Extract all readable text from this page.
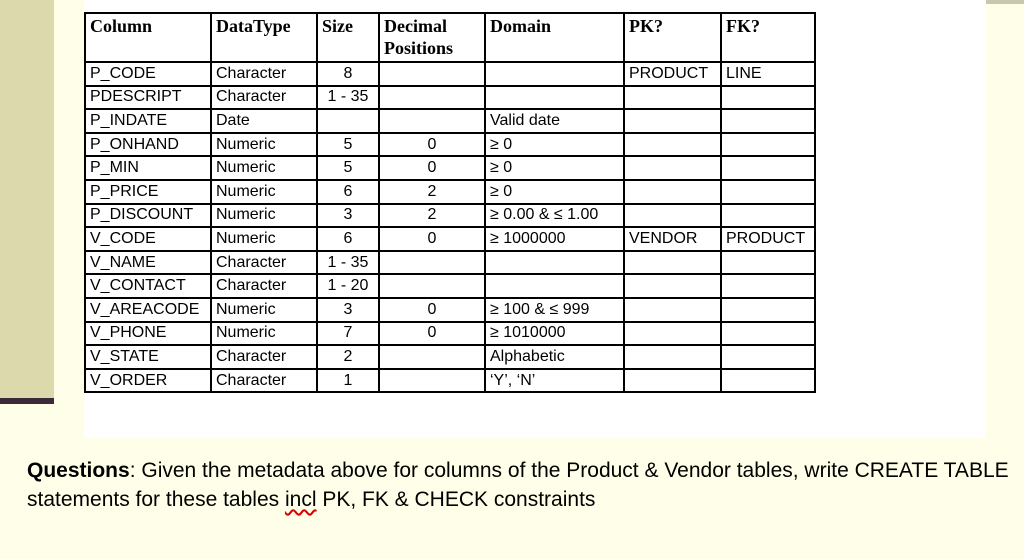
Column	DataType	Size	Decimal Positions	Domain	PK?	FK?
P_CODE	Character	8			PRODUCT	LINE
PDESCRIPT	Character	1 - 35				
P_INDATE	Date			Valid date		
P_ONHAND	Numeric	5	0	≥ 0		
P_MIN	Numeric	5	0	≥ 0		
P_PRICE	Numeric	6	2	≥ 0		
P_DISCOUNT	Numeric	3	2	≥ 0.00 & ≤ 1.00		
V_CODE	Numeric	6	0	≥ 1000000	VENDOR	PRODUCT
V_NAME	Character	1 - 35				
V_CONTACT	Character	1 - 20				
V_AREACODE	Numeric	3	0	≥ 100 & ≤ 999		
V_PHONE	Numeric	7	0	≥ 1010000		
V_STATE	Character	2		Alphabetic		
V_ORDER	Character	1		‘Y’, ‘N’		
Questions: Given the metadata above for columns of the Product & Vendor tables, write CREATE TABLE statements for these tables incl PK, FK & CHECK constraints
